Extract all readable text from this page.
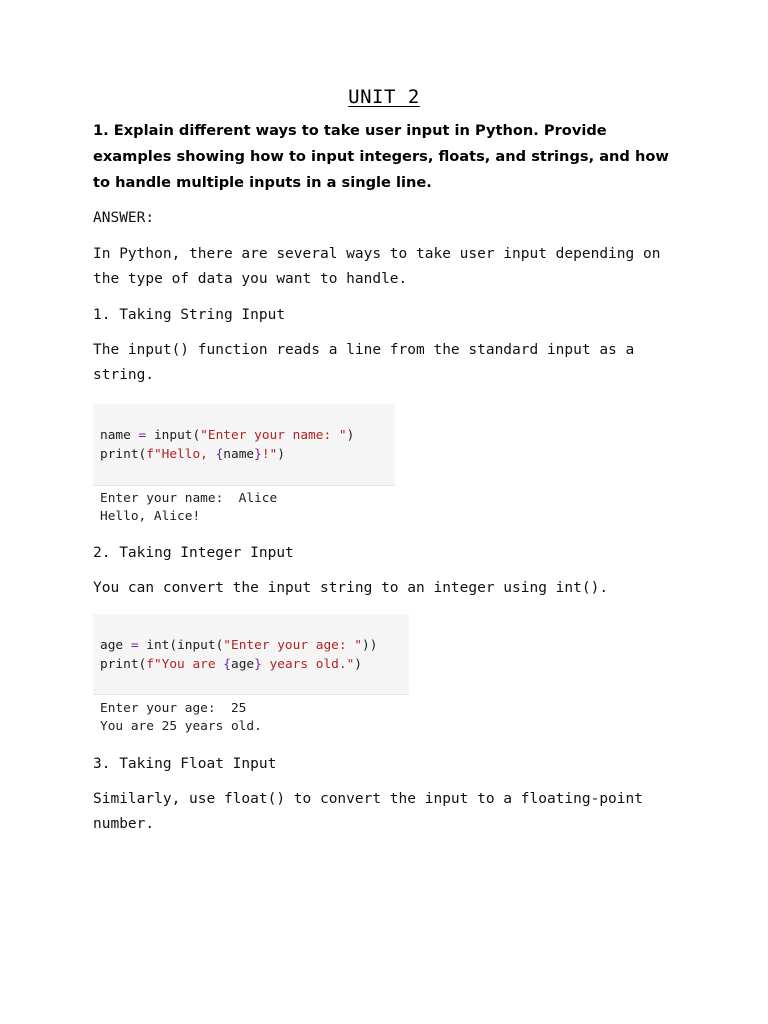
UNIT 2
1. Explain different ways to take user input in Python. Provide examples showing how to input integers, floats, and strings, and how to handle multiple inputs in a single line.

ANSWER:

In Python, there are several ways to take user input depending on the type of data you want to handle.

1. Taking String Input

The input() function reads a line from the standard input as a string.

name = input("Enter your name: ")
print(f"Hello, {name}!")
Enter your name:  Alice
Hello, Alice!

2. Taking Integer Input

You can convert the input string to an integer using int().

age = int(input("Enter your age: "))
print(f"You are {age} years old.")
Enter your age:  25
You are 25 years old.

3. Taking Float Input

Similarly, use float() to convert the input to a floating-point number.
